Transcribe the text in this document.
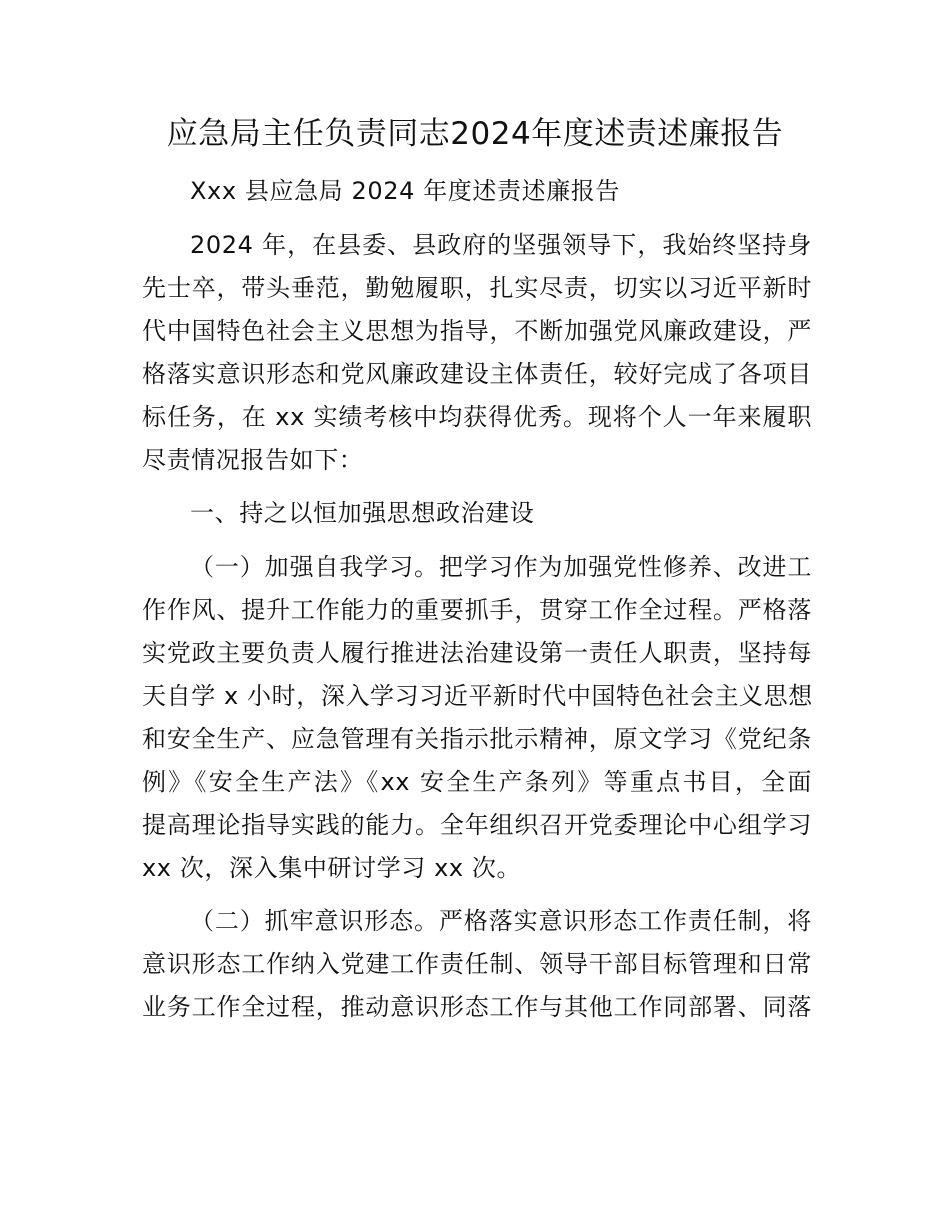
应急局主任负责同志2024年度述责述廉报告
Xxx 县应急局 2024 年度述责述廉报告
2024 年，在县委、县政府的坚强领导下，我始终坚持身
先士卒，带头垂范，勤勉履职，扎实尽责，切实以习近平新时
代中国特色社会主义思想为指导，不断加强党风廉政建设，严
格落实意识形态和党风廉政建设主体责任，较好完成了各项目
标任务，在 xx 实绩考核中均获得优秀。现将个人一年来履职
尽责情况报告如下：
一、持之以恒加强思想政治建设
（一）加强自我学习。把学习作为加强党性修养、改进工
作作风、提升工作能力的重要抓手，贯穿工作全过程。严格落
实党政主要负责人履行推进法治建设第一责任人职责，坚持每
天自学 x 小时，深入学习习近平新时代中国特色社会主义思想
和安全生产、应急管理有关指示批示精神，原文学习《党纪条
例》《安全生产法》《xx 安全生产条列》等重点书目，全面
提高理论指导实践的能力。全年组织召开党委理论中心组学习
xx 次，深入集中研讨学习 xx 次。
（二）抓牢意识形态。严格落实意识形态工作责任制，将
意识形态工作纳入党建工作责任制、领导干部目标管理和日常
业务工作全过程，推动意识形态工作与其他工作同部署、同落
